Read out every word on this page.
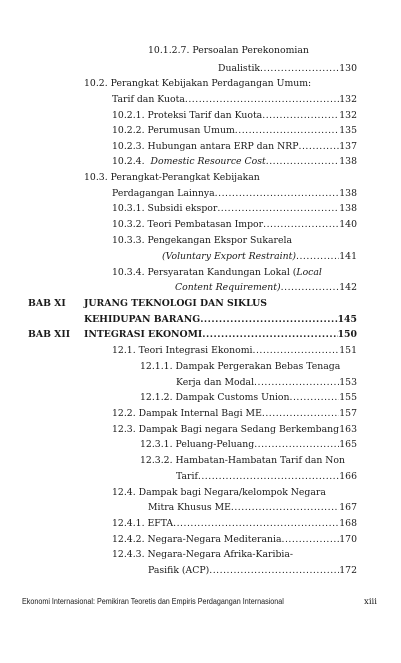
10.1.2.7. Persoalan Perekonomian
Dualistik .....	130
10.2. Perangkat Kebijakan Perdagangan Umum:
Tarif dan Kuota .....	132
10.2.1. Proteksi Tarif dan Kuota .....	132
10.2.2. Perumusan Umum .....	135
10.2.3. Hubungan antara ERP dan NRP .....	137
10.2.4. Domestic Resource Cost .....	138
10.3. Perangkat-Perangkat Kebijakan
Perdagangan Lainnya .....	138
10.3.1. Subsidi ekspor .....	138
10.3.2. Teori Pembatasan Impor .....	140
10.3.3. Pengekangan Ekspor Sukarela
(Voluntary Export Restraint) .....	141
10.3.4. Persyaratan Kandungan Lokal (Local
Content Requirement) .....	142
BAB XI JURANG TEKNOLOGI DAN SIKLUS
KEHIDUPAN BARANG .....	145
BAB XII INTEGRASI EKONOMI .....	150
12.1. Teori Integrasi Ekonomi .....	151
12.1.1. Dampak Pergerakan Bebas Tenaga
Kerja dan Modal .....	153
12.1.2. Dampak Customs Union .....	155
12.2. Dampak Internal Bagi ME .....	157
12.3. Dampak Bagi negara Sedang Berkembang ..... 163
12.3.1. Peluang-Peluang .....	165
12.3.2. Hambatan-Hambatan Tarif dan Non
Tarif .....	166
12.4. Dampak bagi Negara/kelompok Negara
Mitra Khusus ME .....	167
12.4.1. EFTA .....	168
12.4.2. Negara-Negara Mediterania .....	170
12.4.3. Negara-Negara Afrika-Karibia-
Pasifik (ACP) .....	172
Ekonomi Internasional: Pemikiran Teoretis dan Empiris Perdagangan Internasional	xiii
